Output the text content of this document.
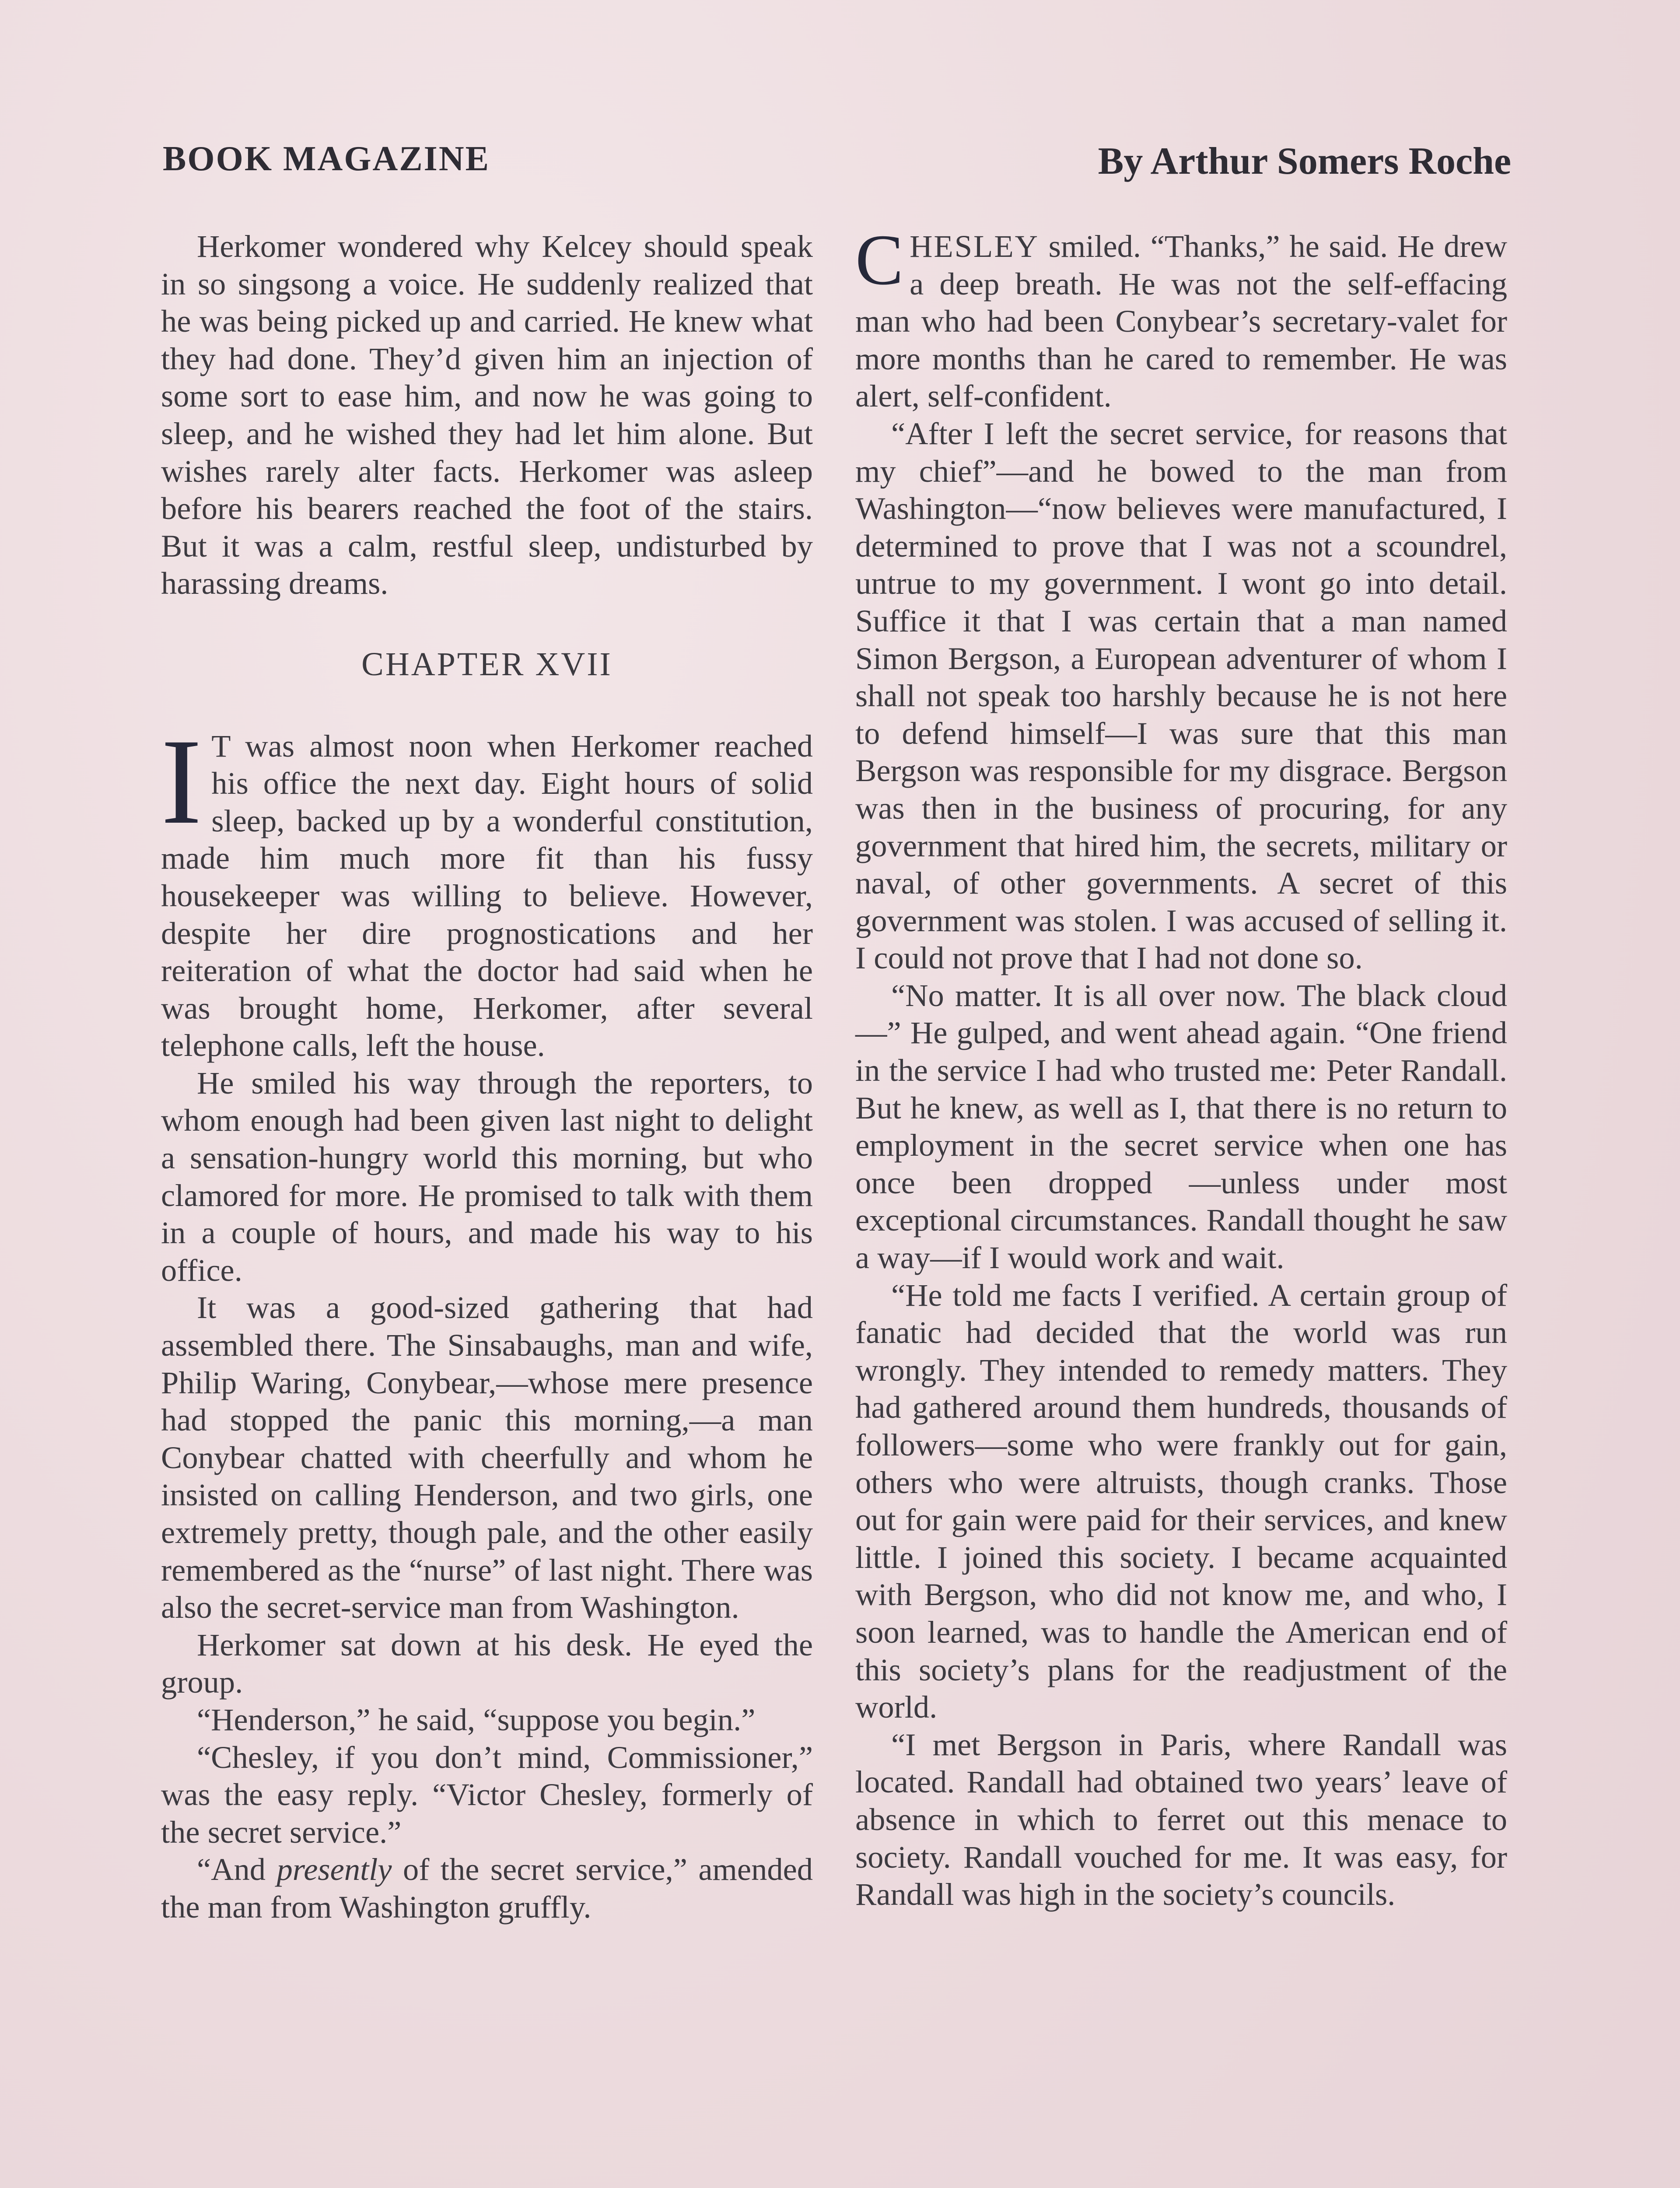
BOOK MAGAZINE	By Arthur Somers Roche

Herkomer wondered why Kelcey should speak in so singsong a voice. He suddenly realized that he was being picked up and carried. He knew what they had done. They’d given him an injection of some sort to ease him, and now he was going to sleep, and he wished they had let him alone. But wishes rarely alter facts. Herkomer was asleep before his bearers reached the foot of the stairs. But it was a calm, restful sleep, undisturbed by harassing dreams.

CHAPTER XVII

I T was almost noon when Herkomer reached his office the next day. Eight hours of solid sleep, backed up by a wonderful constitution, made him much more fit than his fussy housekeeper was willing to believe. However, despite her dire prognostications and her reiteration of what the doctor had said when he was brought home, Herkomer, after several telephone calls, left the house.

He smiled his way through the reporters, to whom enough had been given last night to delight a sensation-hungry world this morning, but who clamored for more. He promised to talk with them in a couple of hours, and made his way to his office.

It was a good-sized gathering that had assembled there. The Sinsabaughs, man and wife, Philip Waring, Conybear,—whose mere presence had stopped the panic this morning,—a man Conybear chatted with cheerfully and whom he insisted on calling Henderson, and two girls, one extremely pretty, though pale, and the other easily remembered as the “nurse” of last night. There was also the secret-service man from Washington.

Herkomer sat down at his desk. He eyed the group.

“Henderson,” he said, “suppose you begin.”

“Chesley, if you don’t mind, Commissioner,” was the easy reply. “Victor Chesley, formerly of the secret service.”

“And presently of the secret service,” amended the man from Washington gruffly.

CHESLEY smiled. “Thanks,” he said. He drew a deep breath. He was not the self-effacing man who had been Conybear’s secretary-valet for more months than he cared to remember. He was alert, self-confident.

“After I left the secret service, for reasons that my chief”—and he bowed to the man from Washington—“now believes were manufactured, I determined to prove that I was not a scoundrel, untrue to my government. I wont go into detail. Suffice it that I was certain that a man named Simon Bergson, a European adventurer of whom I shall not speak too harshly because he is not here to defend himself—I was sure that this man Bergson was responsible for my disgrace. Bergson was then in the business of procuring, for any government that hired him, the secrets, military or naval, of other governments. A secret of this government was stolen. I was accused of selling it. I could not prove that I had not done so.

“No matter. It is all over now. The black cloud—” He gulped, and went ahead again. “One friend in the service I had who trusted me: Peter Randall. But he knew, as well as I, that there is no return to employment in the secret service when one has once been dropped —unless under most exceptional circumstances. Randall thought he saw a way—if I would work and wait.

“He told me facts I verified. A certain group of fanatic had decided that the world was run wrongly. They intended to remedy matters. They had gathered around them hundreds, thousands of followers—some who were frankly out for gain, others who were altruists, though cranks. Those out for gain were paid for their services, and knew little. I joined this society. I became acquainted with Bergson, who did not know me, and who, I soon learned, was to handle the American end of this society’s plans for the readjustment of the world.

“I met Bergson in Paris, where Randall was located. Randall had obtained two years’ leave of absence in which to ferret out this menace to society. Randall vouched for me. It was easy, for Randall was high in the society’s councils.
